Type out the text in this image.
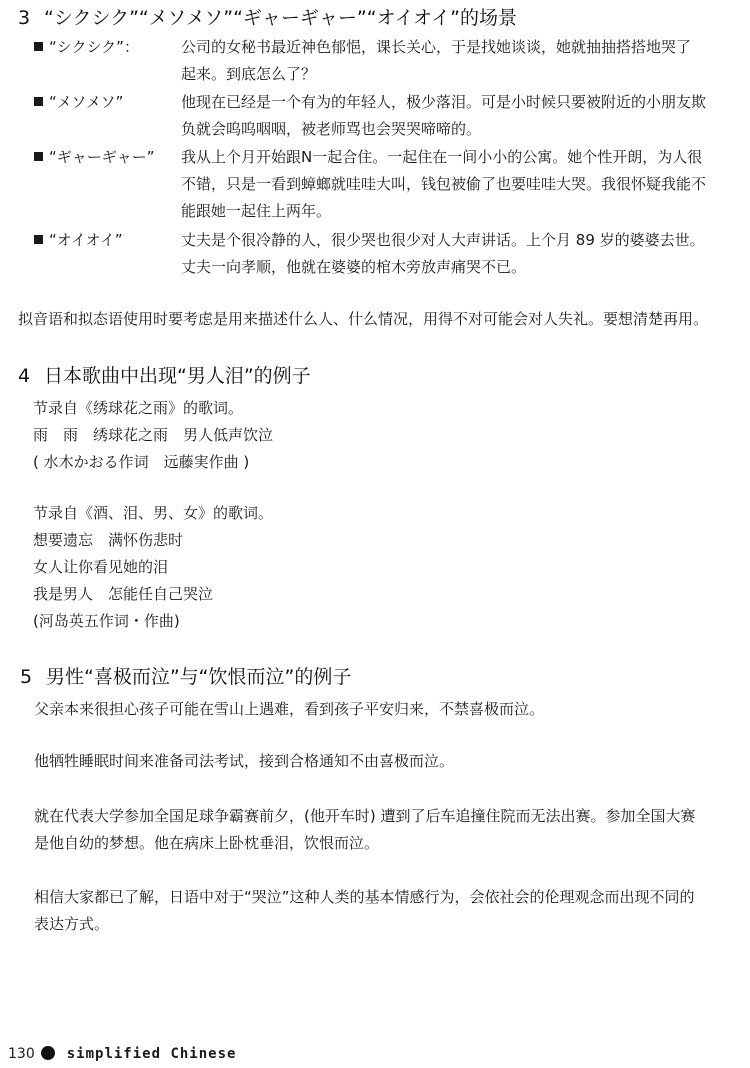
3 “シクシク”“メソメソ”“ギャーギャー”“オイオイ”的场景
“シクシク”：	公司的女秘书最近神色郁悒，课长关心，于是找她谈谈，她就抽抽搭搭地哭了
起来。到底怎么了？
“メソメソ”	他现在已经是一个有为的年轻人，极少落泪。可是小时候只要被附近的小朋友欺
负就会呜呜咽咽，被老师骂也会哭哭啼啼的。
“ギャーギャー” 我从上个月开始跟N一起合住。一起住在一间小小的公寓。她个性开朗，为人很
不错，只是一看到蟑螂就哇哇大叫，钱包被偷了也要哇哇大哭。我很怀疑我能不
能跟她一起住上两年。
“オイオイ”	丈夫是个很冷静的人，很少哭也很少对人大声讲话。上个月 89 岁的婆婆去世。
丈夫一向孝顺，他就在婆婆的棺木旁放声痛哭不已。
拟音语和拟态语使用时要考虑是用来描述什么人、什么情况，用得不对可能会对人失礼。要想清楚再用。
4 日本歌曲中出现“男人泪”的例子
节录自《绣球花之雨》的歌词。
雨　雨　绣球花之雨　男人低声饮泣
( 水木かおる作词　远藤実作曲 )
节录自《酒、泪、男、女》的歌词。
想要遗忘　满怀伤悲时
女人让你看见她的泪
我是男人　怎能任自己哭泣
(河岛英五作词・作曲)
5 男性“喜极而泣”与“饮恨而泣”的例子
父亲本来很担心孩子可能在雪山上遇难，看到孩子平安归来，不禁喜极而泣。
他牺牲睡眠时间来准备司法考试，接到合格通知不由喜极而泣。
就在代表大学参加全国足球争霸赛前夕，(他开车时) 遭到了后车追撞住院而无法出赛。参加全国大赛
是他自幼的梦想。他在病床上卧枕垂泪，饮恨而泣。
相信大家都已了解，日语中对于“哭泣”这种人类的基本情感行为，会依社会的伦理观念而出现不同的
表达方式。
130 simplified Chinese
